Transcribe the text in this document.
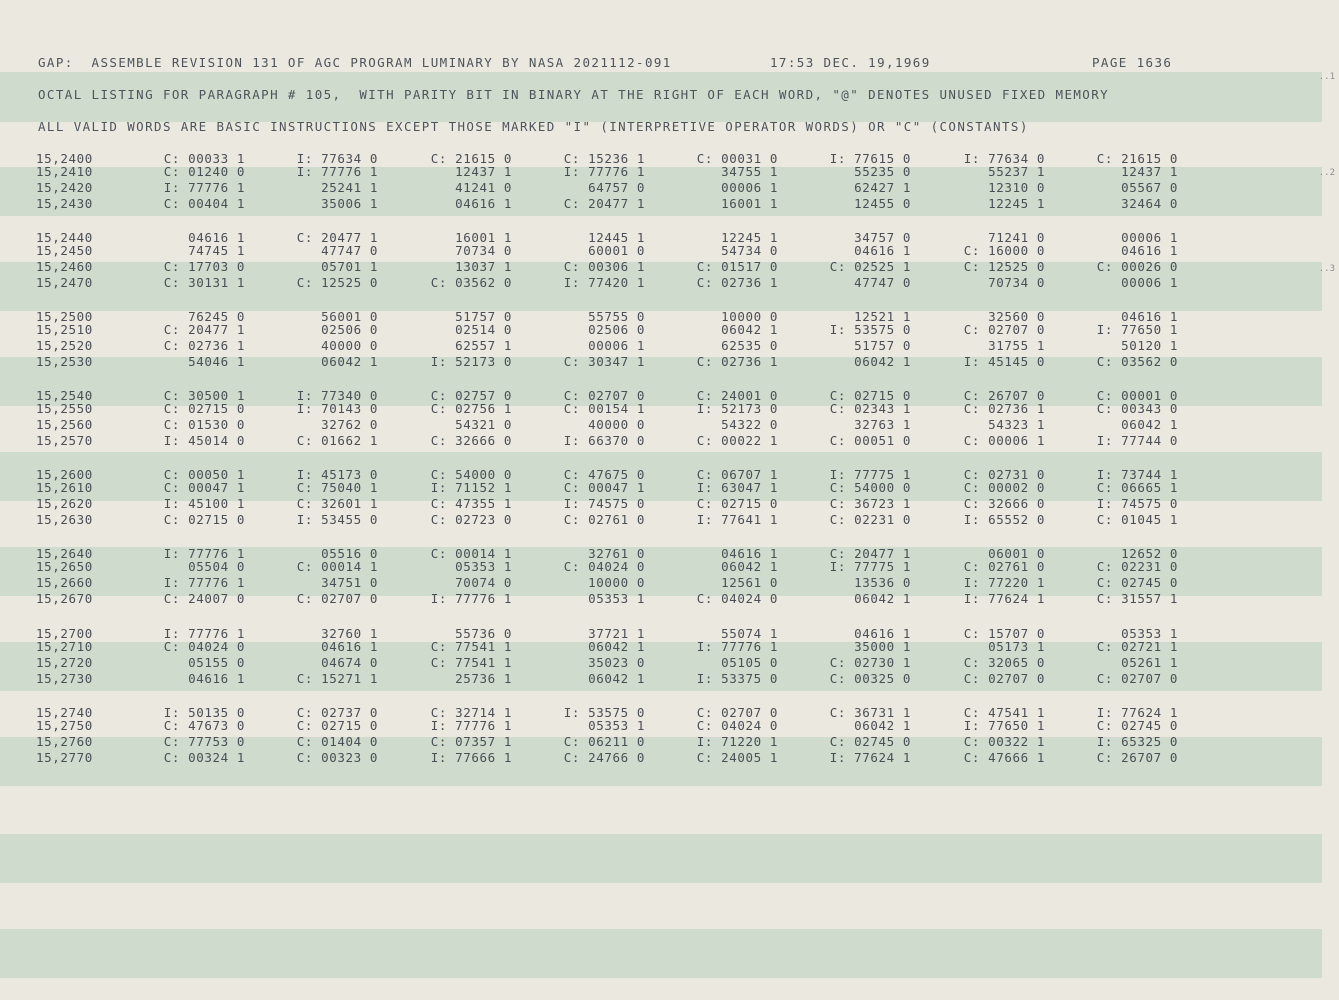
GAP:  ASSEMBLE REVISION 131 OF AGC PROGRAM LUMINARY BY NASA 2021112-091	17:53 DEC. 19,1969	PAGE 1636
OCTAL LISTING FOR PARAGRAPH # 105,  WITH PARITY BIT IN BINARY AT THE RIGHT OF EACH WORD, "@" DENOTES UNUSED FIXED MEMORY
ALL VALID WORDS ARE BASIC INSTRUCTIONS EXCEPT THOSE MARKED "I" (INTERPRETIVE OPERATOR WORDS) OR "C" (CONSTANTS)
..1
..2
..3
15,2400	C: 00033 1	I: 77634 0	C: 21615 0	C: 15236 1	C: 00031 0	I: 77615 0	I: 77634 0	C: 21615 0
15,2410	C: 01240 0	I: 77776 1	12437 1	I: 77776 1	34755 1	55235 0	55237 1	12437 1
15,2420	I: 77776 1	25241 1	41241 0	64757 0	00006 1	62427 1	12310 0	05567 0
15,2430	C: 00404 1	35006 1	04616 1	C: 20477 1	16001 1	12455 0	12245 1	32464 0
15,2440	04616 1	C: 20477 1	16001 1	12445 1	12245 1	34757 0	71241 0	00006 1
15,2450	74745 1	47747 0	70734 0	60001 0	54734 0	04616 1	C: 16000 0	04616 1
15,2460	C: 17703 0	05701 1	13037 1	C: 00306 1	C: 01517 0	C: 02525 1	C: 12525 0	C: 00026 0
15,2470	C: 30131 1	C: 12525 0	C: 03562 0	I: 77420 1	C: 02736 1	47747 0	70734 0	00006 1
15,2500	76245 0	56001 0	51757 0	55755 0	10000 0	12521 1	32560 0	04616 1
15,2510	C: 20477 1	02506 0	02514 0	02506 0	06042 1	I: 53575 0	C: 02707 0	I: 77650 1
15,2520	C: 02736 1	40000 0	62557 1	00006 1	62535 0	51757 0	31755 1	50120 1
15,2530	54046 1	06042 1	I: 52173 0	C: 30347 1	C: 02736 1	06042 1	I: 45145 0	C: 03562 0
15,2540	C: 30500 1	I: 77340 0	C: 02757 0	C: 02707 0	C: 24001 0	C: 02715 0	C: 26707 0	C: 00001 0
15,2550	C: 02715 0	I: 70143 0	C: 02756 1	C: 00154 1	I: 52173 0	C: 02343 1	C: 02736 1	C: 00343 0
15,2560	C: 01530 0	32762 0	54321 0	40000 0	54322 0	32763 1	54323 1	06042 1
15,2570	I: 45014 0	C: 01662 1	C: 32666 0	I: 66370 0	C: 00022 1	C: 00051 0	C: 00006 1	I: 77744 0
15,2600	C: 00050 1	I: 45173 0	C: 54000 0	C: 47675 0	C: 06707 1	I: 77775 1	C: 02731 0	I: 73744 1
15,2610	C: 00047 1	C: 75040 1	I: 71152 1	C: 00047 1	I: 63047 1	C: 54000 0	C: 00002 0	C: 06665 1
15,2620	I: 45100 1	C: 32601 1	C: 47355 1	I: 74575 0	C: 02715 0	C: 36723 1	C: 32666 0	I: 74575 0
15,2630	C: 02715 0	I: 53455 0	C: 02723 0	C: 02761 0	I: 77641 1	C: 02231 0	I: 65552 0	C: 01045 1
15,2640	I: 77776 1	05516 0	C: 00014 1	32761 0	04616 1	C: 20477 1	06001 0	12652 0
15,2650	05504 0	C: 00014 1	05353 1	C: 04024 0	06042 1	I: 77775 1	C: 02761 0	C: 02231 0
15,2660	I: 77776 1	34751 0	70074 0	10000 0	12561 0	13536 0	I: 77220 1	C: 02745 0
15,2670	C: 24007 0	C: 02707 0	I: 77776 1	05353 1	C: 04024 0	06042 1	I: 77624 1	C: 31557 1
15,2700	I: 77776 1	32760 1	55736 0	37721 1	55074 1	04616 1	C: 15707 0	05353 1
15,2710	C: 04024 0	04616 1	C: 77541 1	06042 1	I: 77776 1	35000 1	05173 1	C: 02721 1
15,2720	05155 0	04674 0	C: 77541 1	35023 0	05105 0	C: 02730 1	C: 32065 0	05261 1
15,2730	04616 1	C: 15271 1	25736 1	06042 1	I: 53375 0	C: 00325 0	C: 02707 0	C: 02707 0
15,2740	I: 50135 0	C: 02737 0	C: 32714 1	I: 53575 0	C: 02707 0	C: 36731 1	C: 47541 1	I: 77624 1
15,2750	C: 47673 0	C: 02715 0	I: 77776 1	05353 1	C: 04024 0	06042 1	I: 77650 1	C: 02745 0
15,2760	C: 77753 0	C: 01404 0	C: 07357 1	C: 06211 0	I: 71220 1	C: 02745 0	C: 00322 1	I: 65325 0
15,2770	C: 00324 1	C: 00323 0	I: 77666 1	C: 24766 0	C: 24005 1	I: 77624 1	C: 47666 1	C: 26707 0
